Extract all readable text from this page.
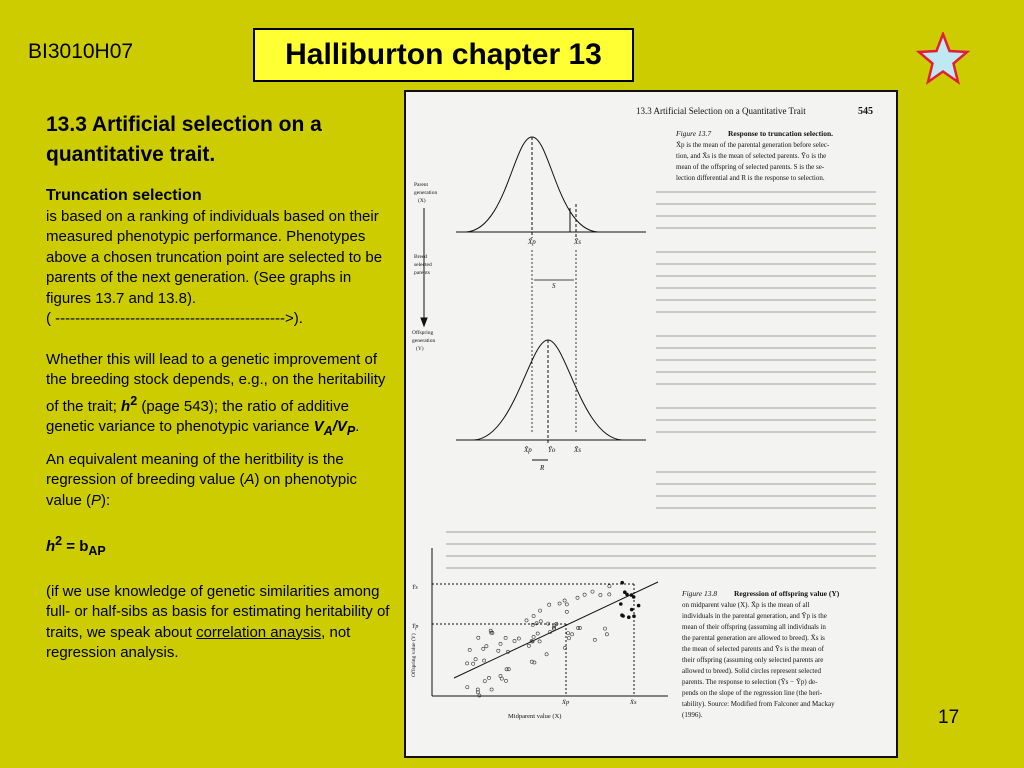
BI3010H07	Halliburton chapter 13
13.3 Artificial selection on a quantitative trait.
Truncation selection

is based on a ranking of individuals based on their measured phenotypic performance. Phenotypes above a chosen truncation point are selected to be parents of the next generation. (See graphs in figures 13.7 and 13.8).

( ---------------------------------------------->).

Whether this will lead to a genetic improvement of the breeding stock depends, e.g., on the heritability of the trait; $h^2$ (page 543); the ratio of additive genetic variance to phenotypic variance $V_A/V_P$.

An equivalent meaning of the heritbility is the regression of breeding value (A) on phenotypic value (P):

$h^2 = b_{AP}$

(if we use knowledge of genetic similarities among full- or half-sibs as basis for estimating heritability of traits, we speak about correlation anaysis, not regression analysis.

13.3 Artificial Selection on a Quantitative Trait	545
Figure 13.7 Response to truncation selection.
X̄p is the mean of the parental generation before selec-
tion, and X̄s is the mean of selected parents. Ȳo is the
mean of the offspring of selected parents. S is the se-
lection differential and R is the response to selection.
Parent
generation
(X)
Breed
selected
parents
Offspring
generation
(Y)
X̄p	X̄s
S
X̄p Ȳo	X̄s
R
Ȳs
Ȳp
Midparent value (X)
X̄p	X̄s
Offspring value (Y)
Figure 13.8 Regression of offspring value (Y)
on midparent value (X). X̄p is the mean of all
individuals in the parental generation, and Ȳp is the
mean of their offspring (assuming all individuals in
the parental generation are allowed to breed). X̄s is
the mean of selected parents and Ȳs is the mean of
their offspring (assuming only selected parents are
allowed to breed). Solid circles represent selected
parents. The response to selection (Ȳs − Ȳp) de-
pends on the slope of the regression line (the heri-
tability). Source: Modified from Falconer and Mackay
(1996).	17
